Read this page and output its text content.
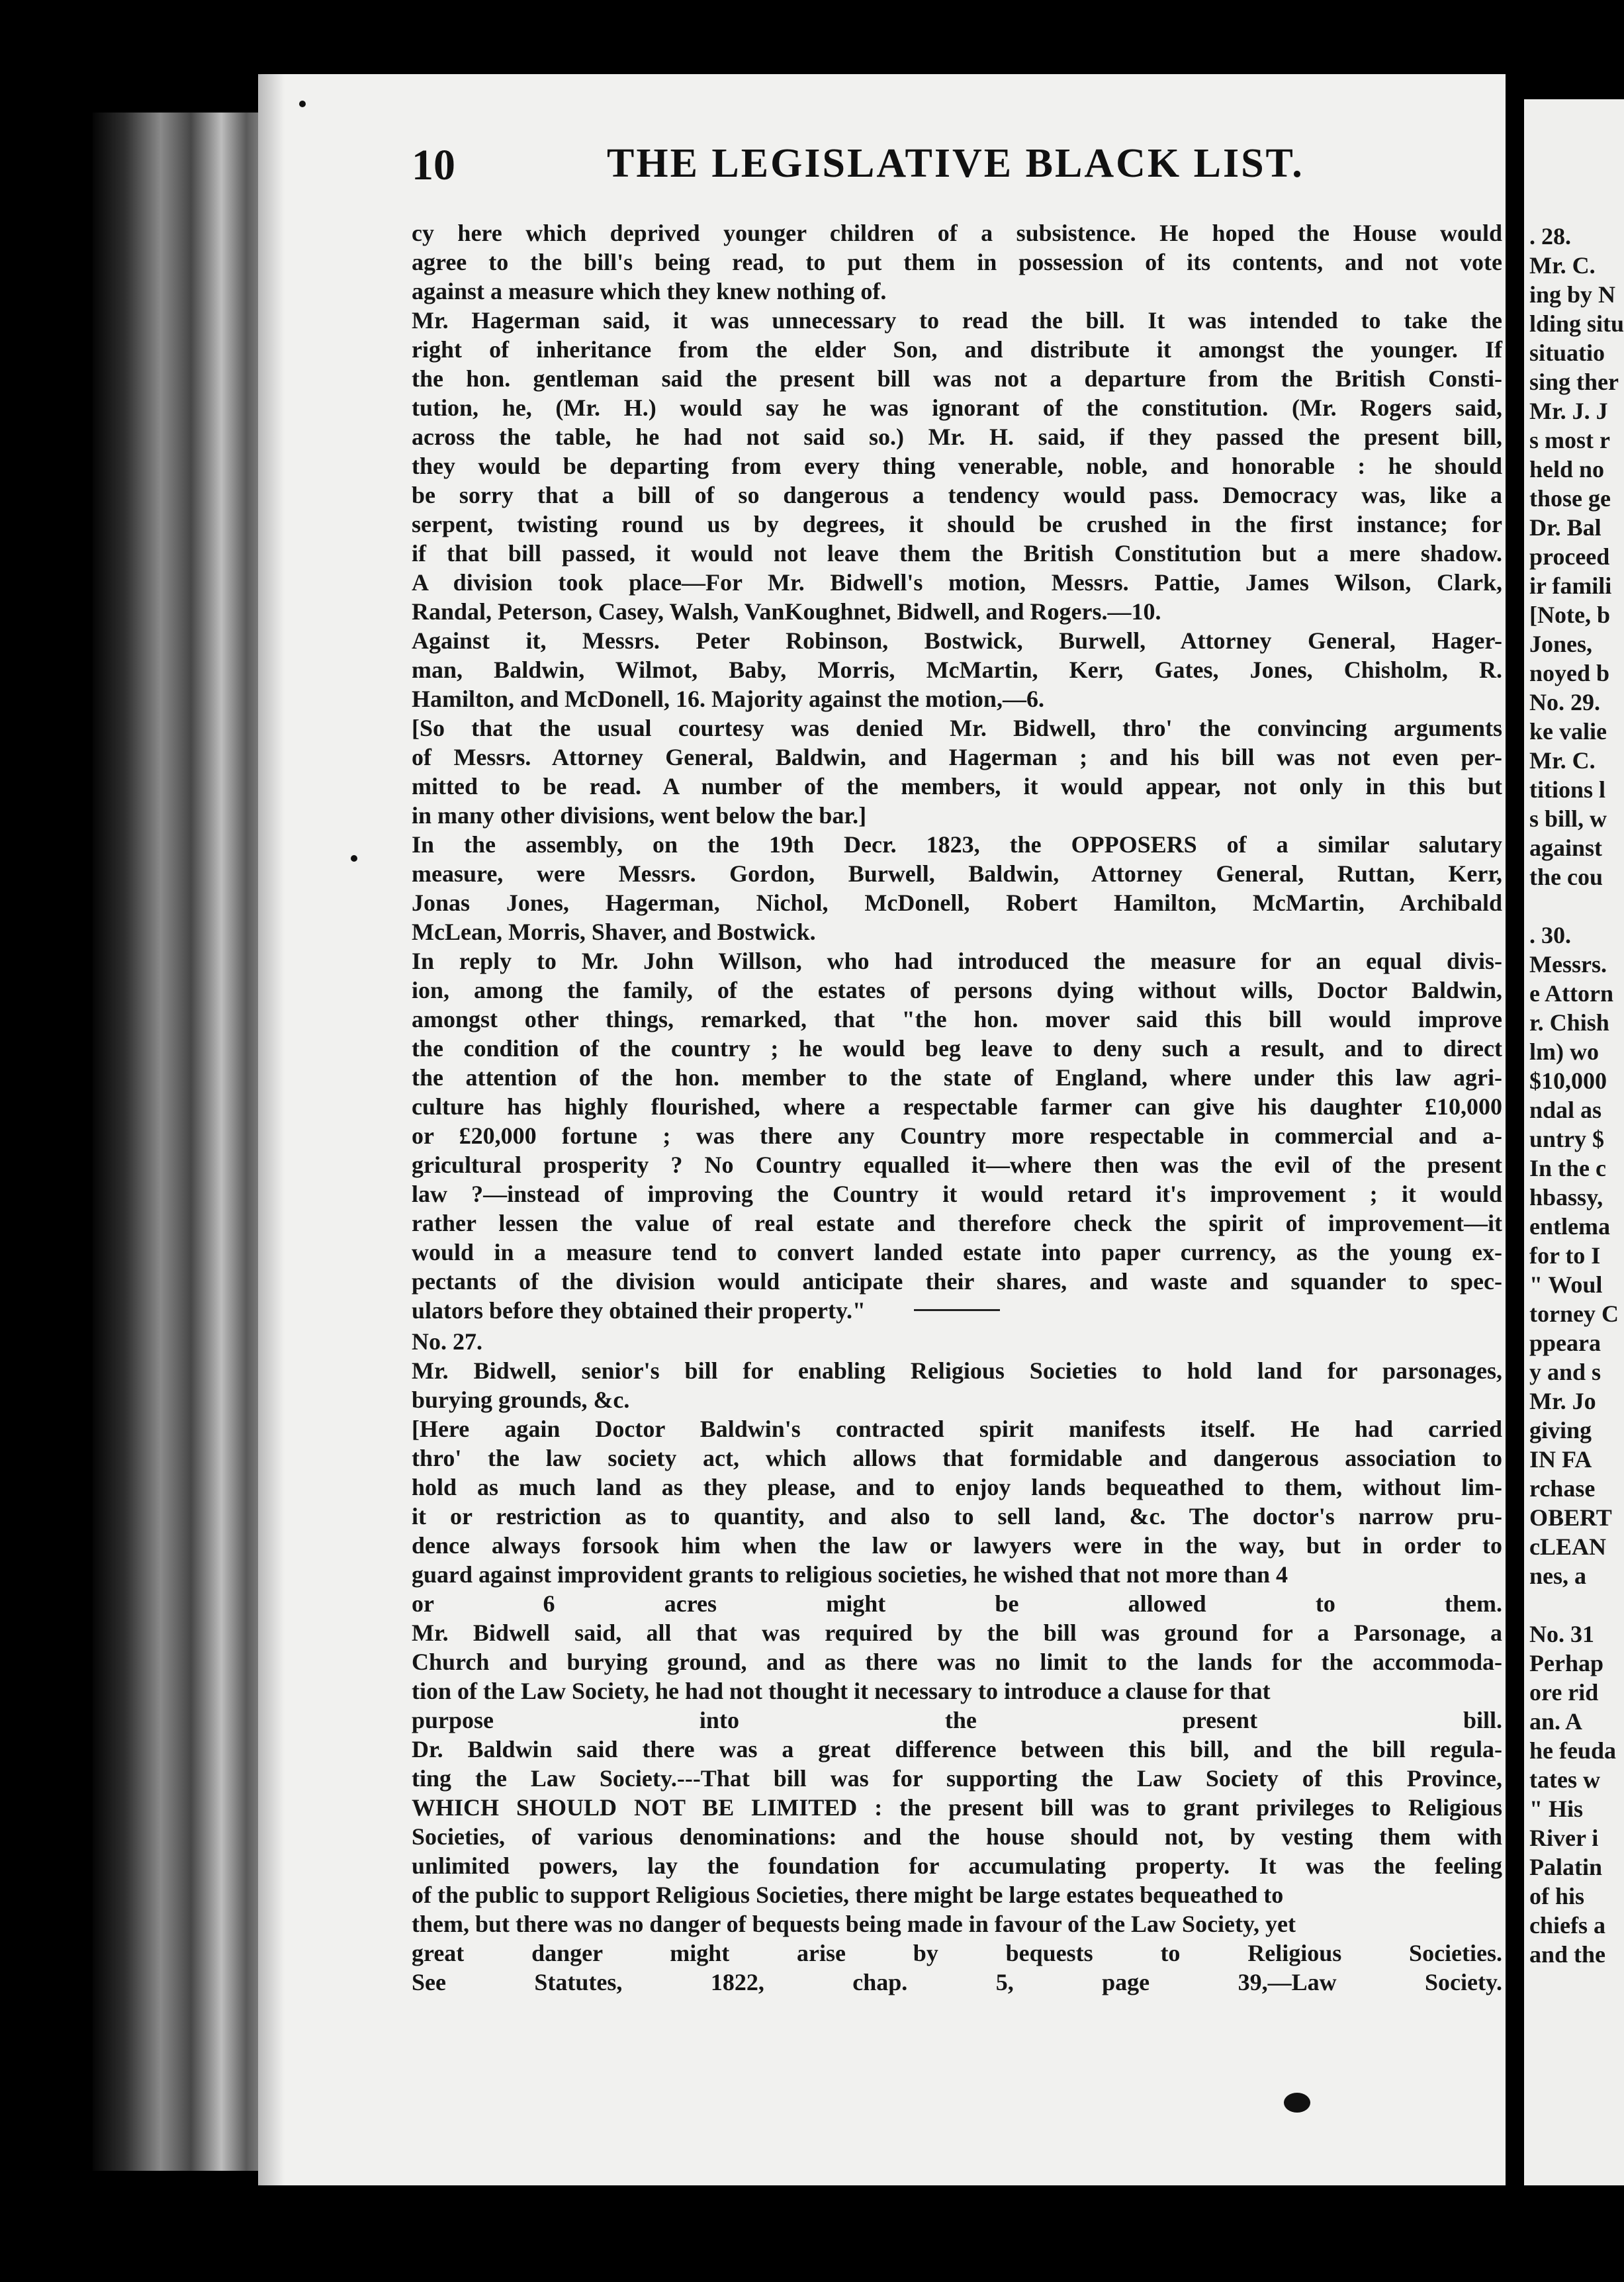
10	THE LEGISLATIVE BLACK LIST.
cy here which deprived younger children of a subsistence. He hoped the House would
agree to the bill's being read, to put them in possession of its contents, and not vote
against a measure which they knew nothing of.
Mr. Hagerman said, it was unnecessary to read the bill. It was intended to take the
right of inheritance from the elder Son, and distribute it amongst the younger. If
the hon. gentleman said the present bill was not a departure from the British Consti-
tution, he, (Mr. H.) would say he was ignorant of the constitution. (Mr. Rogers said,
across the table, he had not said so.) Mr. H. said, if they passed the present bill,
they would be departing from every thing venerable, noble, and honorable : he should
be sorry that a bill of so dangerous a tendency would pass. Democracy was, like a
serpent, twisting round us by degrees, it should be crushed in the first instance; for
if that bill passed, it would not leave them the British Constitution but a mere shadow.
A division took place—For Mr. Bidwell's motion, Messrs. Pattie, James Wilson, Clark,
Randal, Peterson, Casey, Walsh, VanKoughnet, Bidwell, and Rogers.—10.
Against it, Messrs. Peter Robinson, Bostwick, Burwell, Attorney General, Hager-
man, Baldwin, Wilmot, Baby, Morris, McMartin, Kerr, Gates, Jones, Chisholm, R.
Hamilton, and McDonell, 16. Majority against the motion,—6.
[So that the usual courtesy was denied Mr. Bidwell, thro' the convincing arguments
of Messrs. Attorney General, Baldwin, and Hagerman ; and his bill was not even per-
mitted to be read. A number of the members, it would appear, not only in this but
in many other divisions, went below the bar.]
In the assembly, on the 19th Decr. 1823, the OPPOSERS of a similar salutary
measure, were Messrs. Gordon, Burwell, Baldwin, Attorney General, Ruttan, Kerr,
Jonas Jones, Hagerman, Nichol, McDonell, Robert Hamilton, McMartin, Archibald
McLean, Morris, Shaver, and Bostwick.
In reply to Mr. John Willson, who had introduced the measure for an equal divis-
ion, among the family, of the estates of persons dying without wills, Doctor Baldwin,
amongst other things, remarked, that "the hon. mover said this bill would improve
the condition of the country ; he would beg leave to deny such a result, and to direct
the attention of the hon. member to the state of England, where under this law agri-
culture has highly flourished, where a respectable farmer can give his daughter £10,000
or £20,000 fortune ; was there any Country more respectable in commercial and a-
gricultural prosperity ? No Country equalled it—where then was the evil of the present
law ?—instead of improving the Country it would retard it's improvement ; it would
rather lessen the value of real estate and therefore check the spirit of improvement—it
would in a measure tend to convert landed estate into paper currency, as the young ex-
pectants of the division would anticipate their shares, and waste and squander to spec-
ulators before they obtained their property."
No. 27.
Mr. Bidwell, senior's bill for enabling Religious Societies to hold land for parsonages,
burying grounds, &c.
[Here again Doctor Baldwin's contracted spirit manifests itself. He had carried
thro' the law society act, which allows that formidable and dangerous association to
hold as much land as they please, and to enjoy lands bequeathed to them, without lim-
it or restriction as to quantity, and also to sell land, &c. The doctor's narrow pru-
dence always forsook him when the law or lawyers were in the way, but in order to
guard against improvident grants to religious societies, he wished that not more than 4
or 6 acres might be allowed to them.
Mr. Bidwell said, all that was required by the bill was ground for a Parsonage, a
Church and burying ground, and as there was no limit to the lands for the accommoda-
tion of the Law Society, he had not thought it necessary to introduce a clause for that
purpose into the present bill.
Dr. Baldwin said there was a great difference between this bill, and the bill regula-
ting the Law Society.---That bill was for supporting the Law Society of this Province,
WHICH SHOULD NOT BE LIMITED : the present bill was to grant privileges to Religious
Societies, of various denominations: and the house should not, by vesting them with
unlimited powers, lay the foundation for accumulating property. It was the feeling
of the public to support Religious Societies, there might be large estates bequeathed to
them, but there was no danger of bequests being made in favour of the Law Society, yet
great danger might arise by bequests to Religious Societies.
See Statutes, 1822, chap. 5, page 39,—Law Society.
. 28.
Mr. C.
ing by N
lding situ
situatio
sing ther
Mr. J. J
s most r
held no
those ge
Dr. Bal
proceed
ir famili
[Note, b
Jones,
noyed b
No. 29.
ke valie
Mr. C.
titions l
s bill, w
against
the cou
. 30.
Messrs.
e Attorn
r. Chish
lm) wo
$10,000
ndal as
untry $
In the c
hbassy,
entlema
for to I
" Woul
torney C
ppeara
y and s
Mr. Jo
giving
IN FA
rchase
OBERT
cLEAN
nes, a
No. 31
Perhap
ore rid
an. A
he feuda
tates w
" His
River i
Palatin
of his
chiefs a
and the
